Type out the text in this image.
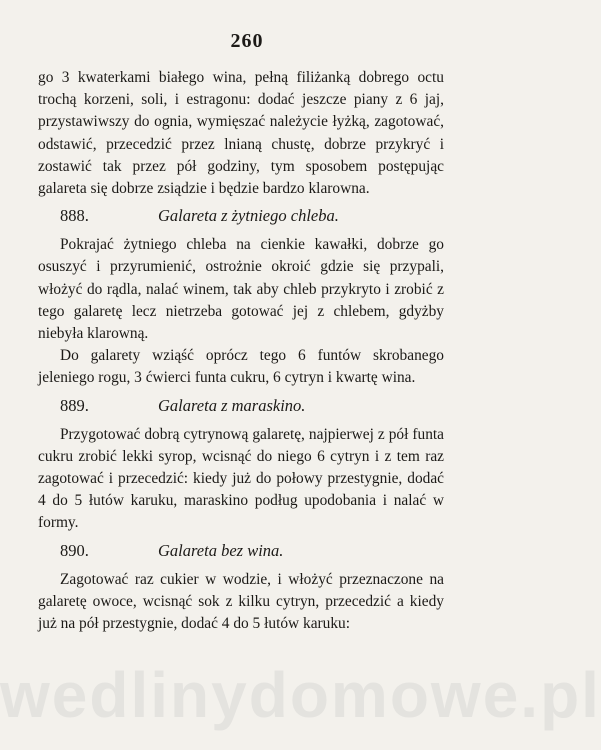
260

go 3 kwaterkami białego wina, pełną filiżanką dobrego octu trochą korzeni, soli, i estragonu: dodać jeszcze piany z 6 jaj, przystawiwszy do ognia, wymięszać należycie łyżką, zagotować, odstawić, przecedzić przez lnianą chustę, dobrze przykryć i zostawić tak przez pół godziny, tym sposobem postępując galareta się dobrze zsiądzie i będzie bardzo klarowna.

888.	Galareta z żytniego chleba.

Pokrajać żytniego chleba na cienkie kawałki, dobrze go osuszyć i przyrumienić, ostrożnie okroić gdzie się przypali, włożyć do rądla, nalać winem, tak aby chleb przykryto i zrobić z tego galaretę lecz nietrzeba gotować jej z chlebem, gdyżby niebyła klarowną.

Do galarety wziąść oprócz tego 6 funtów skrobanego jeleniego rogu, 3 ćwierci funta cukru, 6 cytryn i kwartę wina.

889.	Galareta z maraskino.

Przygotować dobrą cytrynową galaretę, najpierwej z pół funta cukru zrobić lekki syrop, wcisnąć do niego 6 cytryn i z tem raz zagotować i przecedzić: kiedy już do połowy przestygnie, dodać 4 do 5 łutów karuku, maraskino podług upodobania i nalać w formy.

890.	Galareta bez wina.

Zagotować raz cukier w wodzie, i włożyć przeznaczone na galaretę owoce, wcisnąć sok z kilku cytryn, przecedzić a kiedy już na pół przestygnie, dodać 4 do 5 łutów karuku:

wedlinydomowe.pl
